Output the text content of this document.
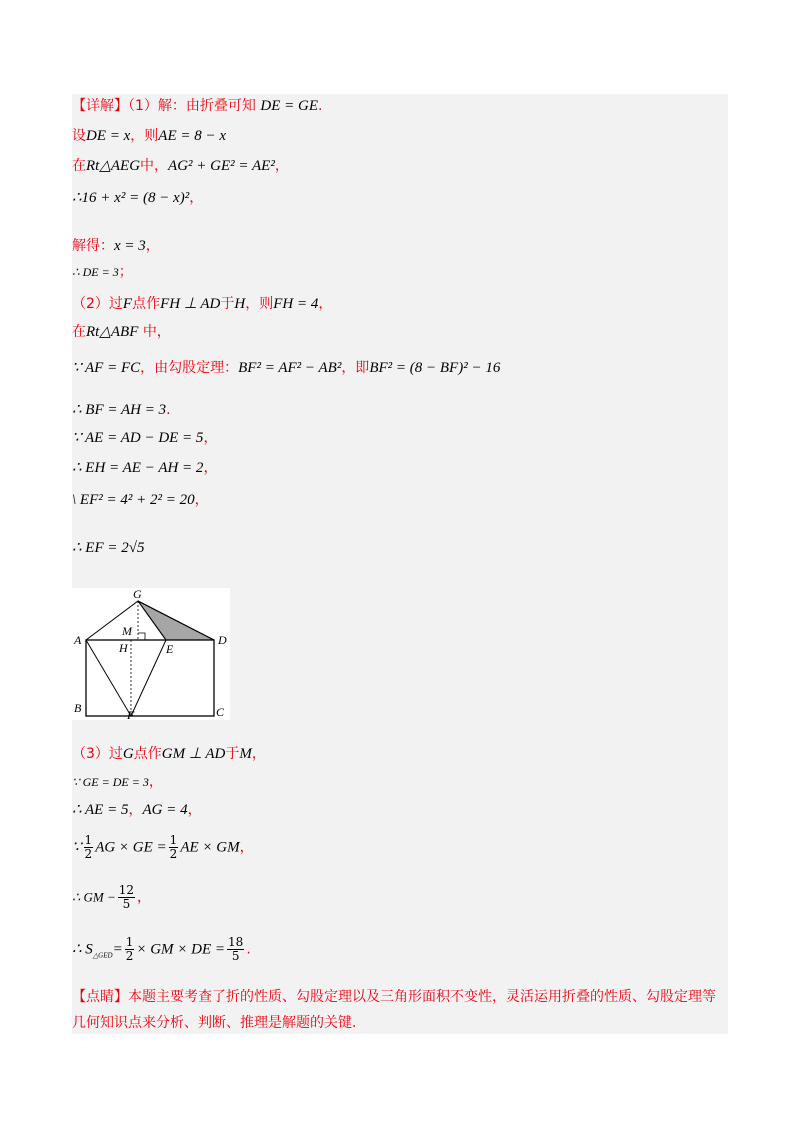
【详解】（1）解：由折叠可知 DE = GE.
设DE = x，则AE = 8 − x
在Rt△AEG中，AG² + GE² = AE²，
∴16 + x² = (8 − x)²，
解得：x = 3，
∴ DE = 3；
（2）过F点作FH ⊥ AD于H，则FH = 4，
在Rt△ABF 中，
∵ AF = FC，由勾股定理：BF² = AF² − AB²，即BF² = (8 − BF)² − 16
∴ BF = AH = 3.
∵ AE = AD − DE = 5，
∴ EH = AE − AH = 2，
\ EF² = 4² + 2² = 20，
∴ EF = 2√5
G
A
M
H	E
D
B	F	C
（3）过G点作GM ⊥ AD于M，
∵ GE = DE = 3，
∴ AE = 5，AG = 4，
∵ $\frac{1}{2}$ AG × GE = $\frac{1}{2}$ AE × GM，
∴ GM − $\frac{12}{5}$ ，
∴ $S_{\triangle GED}= \frac{1}{2}$ × GM × DE = $\frac{18}{5}$ .
【点睛】本题主要考查了折的性质、勾股定理以及三角形面积不变性，灵活运用折叠的性质、勾股定理等几何知识点来分析、判断、推理是解题的关键.
